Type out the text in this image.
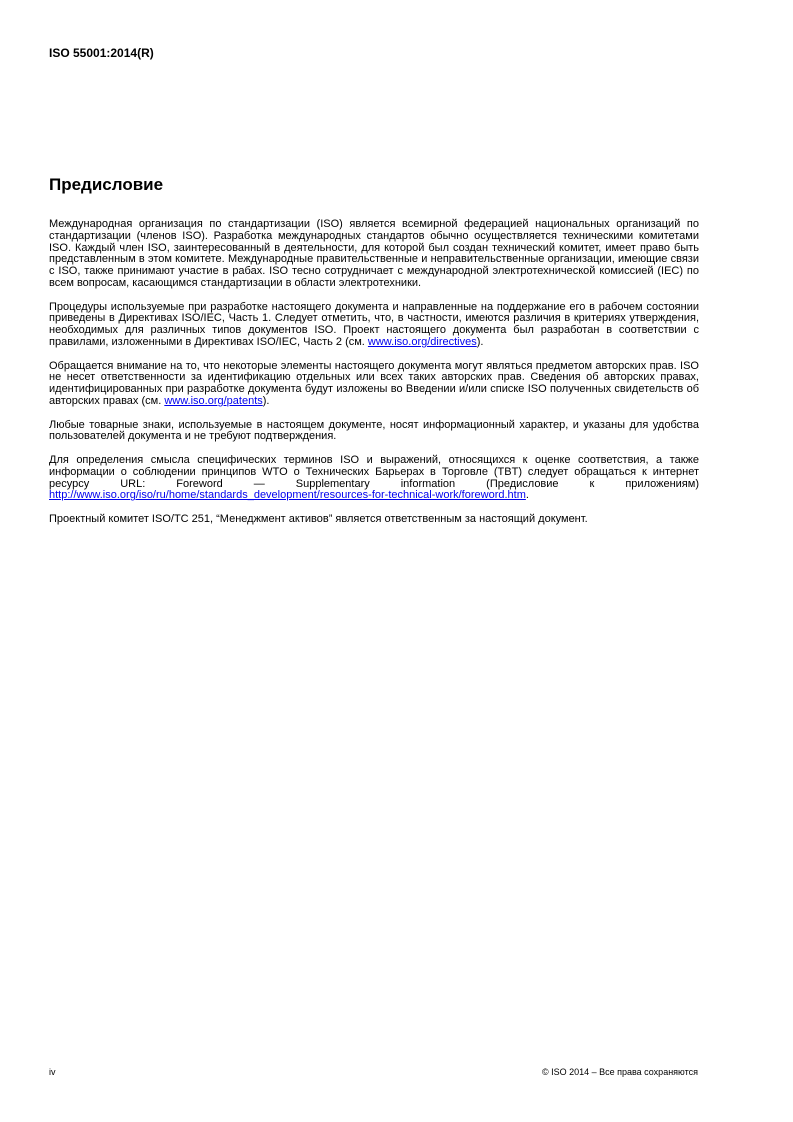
ISO 55001:2014(R)
Предисловие

Международная организация по стандартизации (ISO) является всемирной федерацией национальных организаций по стандартизации (членов ISO). Разработка международных стандартов обычно осуществляется техническими комитетами ISO. Каждый член ISO, заинтересованный в деятельности, для которой был создан технический комитет, имеет право быть представленным в этом комитете. Международные правительственные и неправительственные организации, имеющие связи с ISO, также принимают участие в рабах. ISO тесно сотрудничает с международной электротехнической комиссией (IEC) по всем вопросам, касающимся стандартизации в области электротехники.

Процедуры используемые при разработке настоящего документа и направленные на поддержание его в рабочем состоянии приведены в Директивах ISO/IEC, Часть 1. Следует отметить, что, в частности, имеются различия в критериях утверждения, необходимых для различных типов документов ISO. Проект настоящего документа был разработан в соответствии с правилами, изложенными в Директивах ISO/IEC, Часть 2 (см. www.iso.org/directives).

Обращается внимание на то, что некоторые элементы настоящего документа могут являться предметом авторских прав. ISO не несет ответственности за идентификацию отдельных или всех таких авторских прав. Сведения об авторских правах, идентифицированных при разработке документа будут изложены во Введении и/или списке ISO полученных свидетельств об авторских правах (см. www.iso.org/patents).

Любые товарные знаки, используемые в настоящем документе, носят информационный характер, и указаны для удобства пользователей документа и не требуют подтверждения.

Для определения смысла специфических терминов ISO и выражений, относящихся к оценке соответствия, а также информации о соблюдении принципов WTO о Технических Барьерах в Торговле (TBT) следует обращаться к интернет ресурсу URL: Foreword — Supplementary information (Предисловие к приложениям) http://www.iso.org/iso/ru/home/standards_development/resources-for-technical-work/foreword.htm.

Проектный комитет ISO/TC 251, “Менеджмент активов” является ответственным за настоящий документ.

iv	© ISO 2014 – Все права сохраняются
